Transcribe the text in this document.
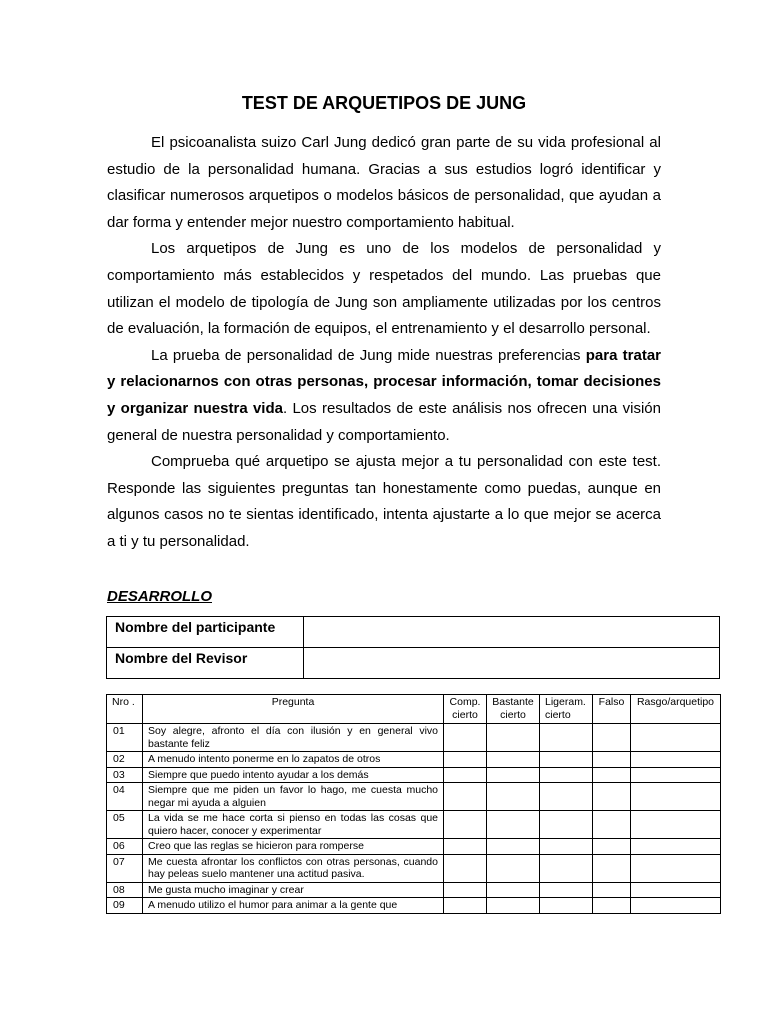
TEST DE ARQUETIPOS DE JUNG

El psicoanalista suizo Carl Jung dedicó gran parte de su vida profesional al estudio de la personalidad humana. Gracias a sus estudios logró identificar y clasificar numerosos arquetipos o modelos básicos de personalidad, que ayudan a dar forma y entender mejor nuestro comportamiento habitual.

Los arquetipos de Jung es uno de los modelos de personalidad y comportamiento más establecidos y respetados del mundo. Las pruebas que utilizan el modelo de tipología de Jung son ampliamente utilizadas por los centros de evaluación, la formación de equipos, el entrenamiento y el desarrollo personal.

La prueba de personalidad de Jung mide nuestras preferencias para tratar y relacionarnos con otras personas, procesar información, tomar decisiones y organizar nuestra vida. Los resultados de este análisis nos ofrecen una visión general de nuestra personalidad y comportamiento.

Comprueba qué arquetipo se ajusta mejor a tu personalidad con este test. Responde las siguientes preguntas tan honestamente como puedas, aunque en algunos casos no te sientas identificado, intenta ajustarte a lo que mejor se acerca a ti y tu personalidad.

DESARROLLO
Nombre del participante	
Nombre del Revisor	
Nro .	Pregunta	Comp. cierto	Bastante cierto	Ligeram. cierto	Falso	Rasgo/arquetipo
01	Soy alegre, afronto el día con ilusión y en general vivo bastante feliz					
02	A menudo intento ponerme en lo zapatos de otros					
03	Siempre que puedo intento ayudar a los demás					
04	Siempre que me piden un favor lo hago, me cuesta mucho negar mi ayuda a alguien					
05	La vida se me hace corta si pienso en todas las cosas que quiero hacer, conocer y experimentar					
06	Creo que las reglas se hicieron para romperse					
07	Me cuesta afrontar los conflictos con otras personas, cuando hay peleas suelo mantener una actitud pasiva.					
08	Me gusta mucho imaginar y crear					
09	A menudo utilizo el humor para animar a la gente que					
